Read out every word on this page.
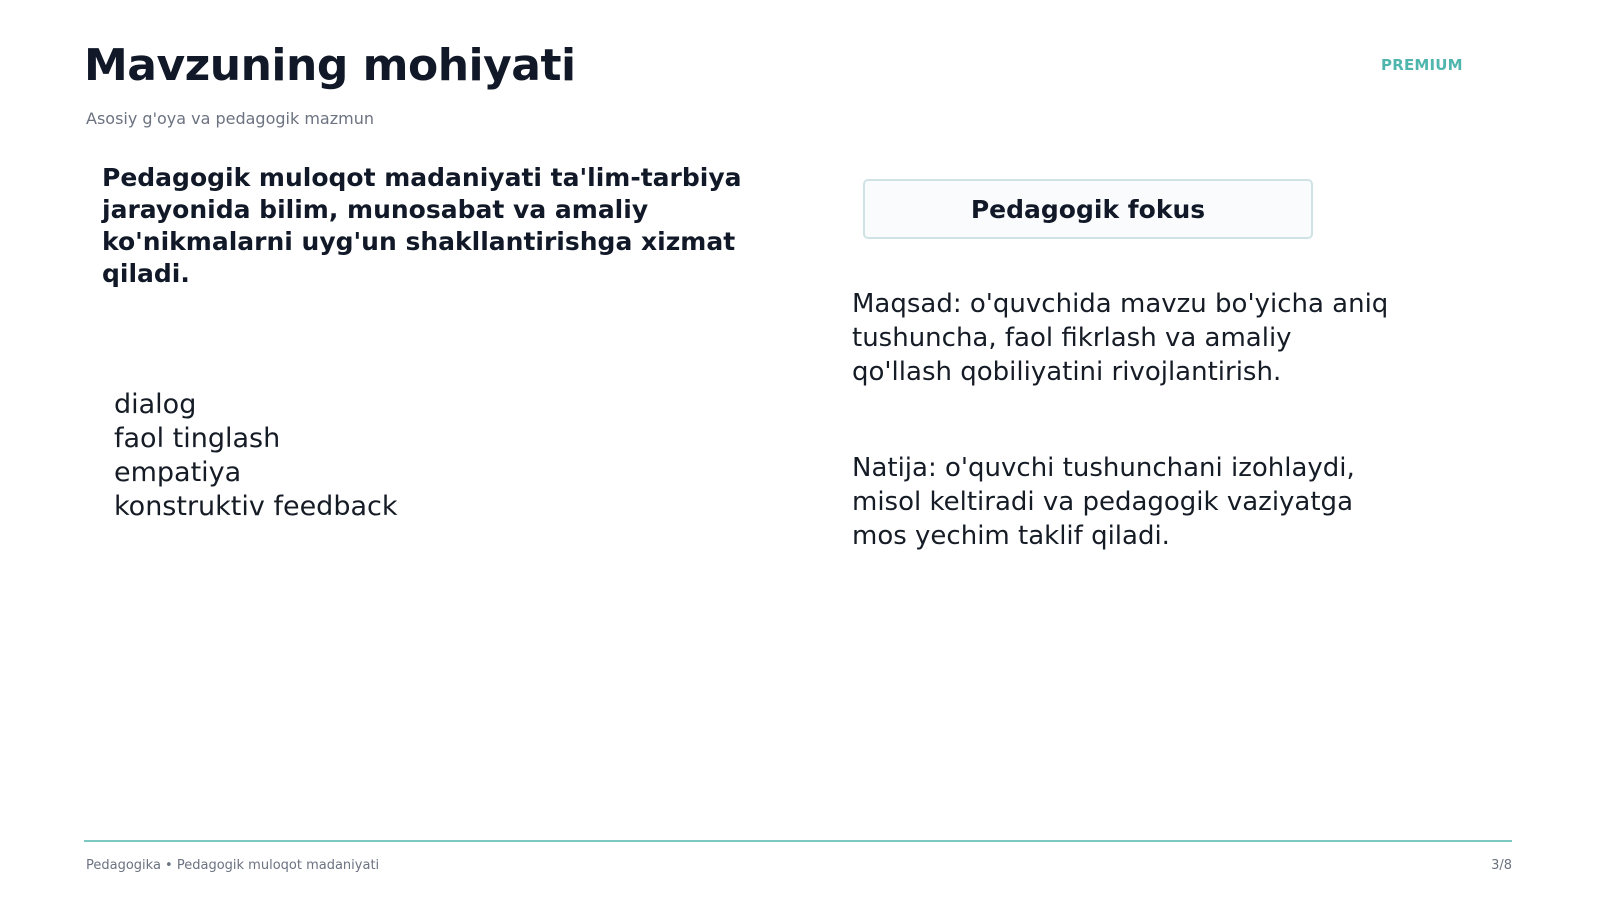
Mavzuning mohiyati
Asosiy g'oya va pedagogik mazmun
PREMIUM
Pedagogik muloqot madaniyati ta'lim-tarbiya jarayonida bilim, munosabat va amaliy ko'nikmalarni uyg'un shakllantirishga xizmat qiladi.
dialog
faol tinglash
empatiya
konstruktiv feedback
Pedagogik fokus
Maqsad: o'quvchida mavzu bo'yicha aniq tushuncha, faol fikrlash va amaliy qo'llash qobiliyatini rivojlantirish.
Natija: o'quvchi tushunchani izohlaydi, misol keltiradi va pedagogik vaziyatga mos yechim taklif qiladi.
Pedagogika • Pedagogik muloqot madaniyati	3/8
